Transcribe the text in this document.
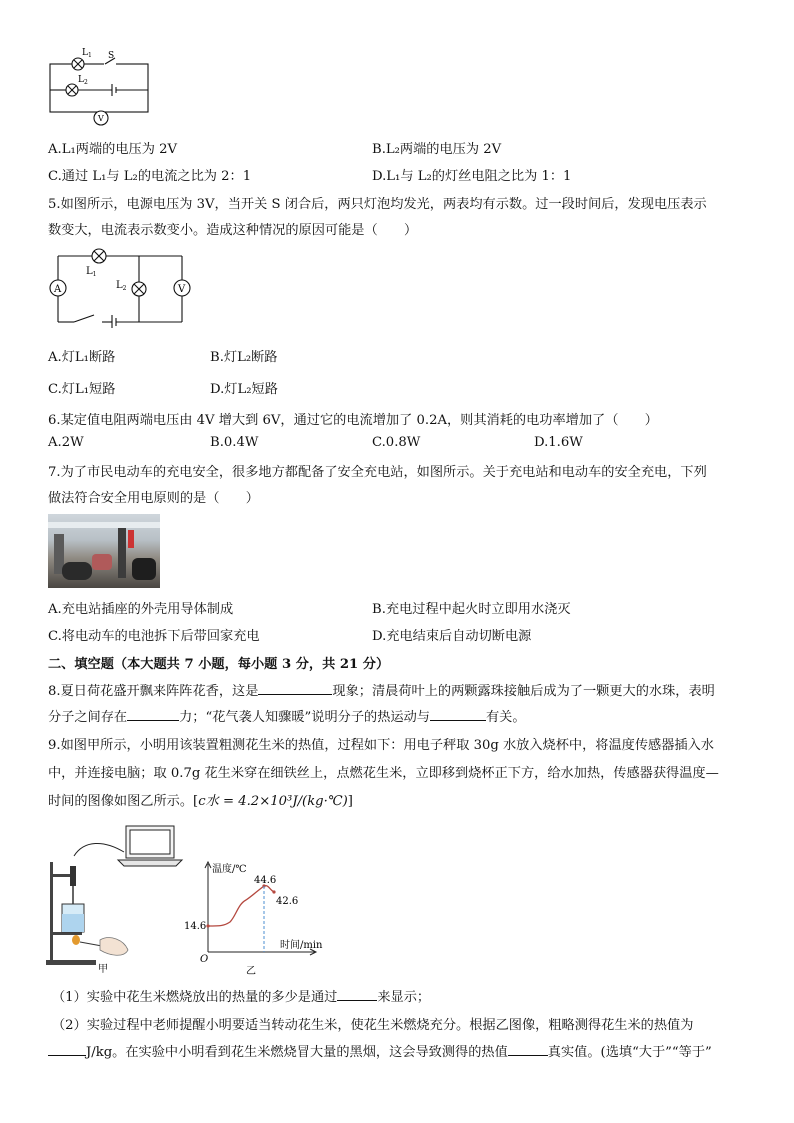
$L_1$ S
$L_2$
V
A.L₁两端的电压为 2V	B.L₂两端的电压为 2V
C.通过 L₁与 L₂的电流之比为 2：1	D.L₁与 L₂的灯丝电阻之比为 1：1
5.如图所示，电源电压为 3V，当开关 S 闭合后，两只灯泡均发光，两表均有示数。过一段时间后，发现电压表示
数变大，电流表示数变小。造成这种情况的原因可能是（　　）
A
$L_1$
$L_2$	V
A.灯L₁断路	B.灯L₂断路
C.灯L₁短路	D.灯L₂短路
6.某定值电阻两端电压由 4V 增大到 6V，通过它的电流增加了 0.2A，则其消耗的电功率增加了（　　）
A.2W	B.0.4W	C.0.8W	D.1.6W
7.为了市民电动车的充电安全，很多地方都配备了安全充电站，如图所示。关于充电站和电动车的安全充电，下列
做法符合安全用电原则的是（　　）
A.充电站插座的外壳用导体制成	B.充电过程中起火时立即用水浇灭
C.将电动车的电池拆下后带回家充电	D.充电结束后自动切断电源
二、填空题（本大题共 7 小题，每小题 3 分，共 21 分）
8.夏日荷花盛开飘来阵阵花香，这是	现象；清晨荷叶上的两颗露珠接触后成为了一颗更大的水珠，表明
分子之间存在	力；“花气袭人知骤暖”说明分子的热运动与	有关。
9.如图甲所示，小明用该装置粗测花生米的热值，过程如下：用电子秤取 30g 水放入烧杯中，将温度传感器插入水
中，并连接电脑；取 0.7g 花生米穿在细铁丝上，点燃花生米，立即移到烧杯正下方，给水加热，传感器获得温度—
时间的图像如图乙所示。[c水 = 4.2×10³J/(kg·℃)]
甲
温度/℃
时间/min
O
14.6
44.6
42.6
乙
（1）实验中花生米燃烧放出的热量的多少是通过	来显示；
（2）实验过程中老师提醒小明要适当转动花生米，使花生米燃烧充分。根据乙图像，粗略测得花生米的热值为
J/kg。在实验中小明看到花生米燃烧冒大量的黑烟，这会导致测得的热值	真实值。(选填“大于”“等于”
